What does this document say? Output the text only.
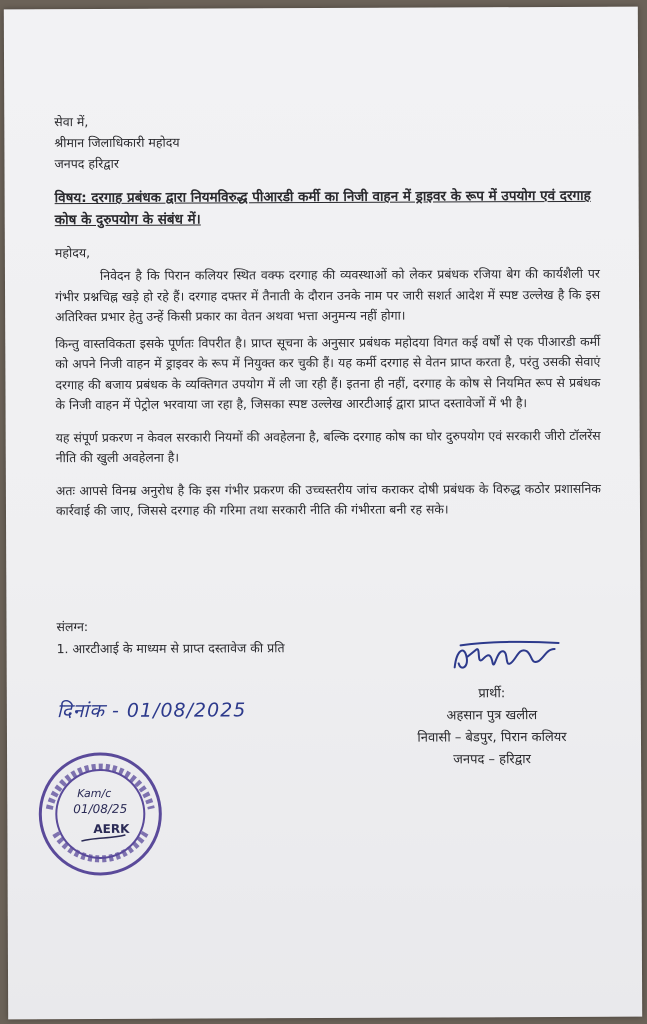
सेवा में,
श्रीमान जिलाधिकारी महोदय
जनपद हरिद्वार
विषय: दरगाह प्रबंधक द्वारा नियमविरुद्ध पीआरडी कर्मी का निजी वाहन में ड्राइवर के रूप में उपयोग एवं दरगाह कोष के दुरुपयोग के संबंध में।
महोदय,

निवेदन है कि पिरान कलियर स्थित वक्फ दरगाह की व्यवस्थाओं को लेकर प्रबंधक रजिया बेग की कार्यशैली पर गंभीर प्रश्नचिह्न खड़े हो रहे हैं। दरगाह दफ्तर में तैनाती के दौरान उनके नाम पर जारी सशर्त आदेश में स्पष्ट उल्लेख है कि इस अतिरिक्त प्रभार हेतु उन्हें किसी प्रकार का वेतन अथवा भत्ता अनुमन्य नहीं होगा।

किन्तु वास्तविकता इसके पूर्णतः विपरीत है। प्राप्त सूचना के अनुसार प्रबंधक महोदया विगत कई वर्षों से एक पीआरडी कर्मी को अपने निजी वाहन में ड्राइवर के रूप में नियुक्त कर चुकी हैं। यह कर्मी दरगाह से वेतन प्राप्त करता है, परंतु उसकी सेवाएं दरगाह की बजाय प्रबंधक के व्यक्तिगत उपयोग में ली जा रही हैं। इतना ही नहीं, दरगाह के कोष से नियमित रूप से प्रबंधक के निजी वाहन में पेट्रोल भरवाया जा रहा है, जिसका स्पष्ट उल्लेख आरटीआई द्वारा प्राप्त दस्तावेजों में भी है।

यह संपूर्ण प्रकरण न केवल सरकारी नियमों की अवहेलना है, बल्कि दरगाह कोष का घोर दुरुपयोग एवं सरकारी जीरो टॉलरेंस नीति की खुली अवहेलना है।

अतः आपसे विनम्र अनुरोध है कि इस गंभीर प्रकरण की उच्चस्तरीय जांच कराकर दोषी प्रबंधक के विरुद्ध कठोर प्रशासनिक कार्रवाई की जाए, जिससे दरगाह की गरिमा तथा सरकारी नीति की गंभीरता बनी रह सके।

संलग्न:
1. आरटीआई के माध्यम से प्राप्त दस्तावेज की प्रति
प्रार्थी:
अहसान पुत्र खलील
निवासी – बेडपुर, पिरान कलियर
जनपद – हरिद्वार
दिनांक - 01/08/2025
Kam/c
01/08/25
AERK
